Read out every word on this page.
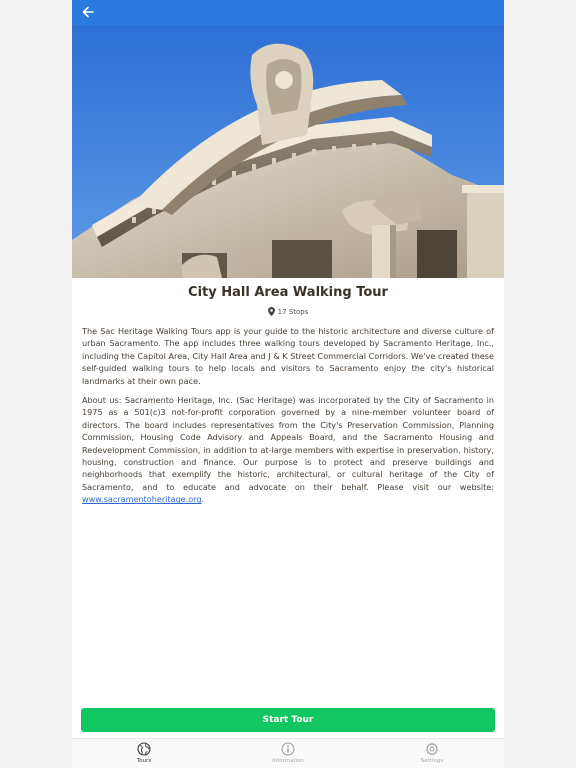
City Hall Area Walking Tour
17 Stops

The Sac Heritage Walking Tours app is your guide to the historic architecture and diverse culture of urban Sacramento. The app includes three walking tours developed by Sacramento Heritage, Inc., including the Capitol Area, City Hall Area and J & K Street Commercial Corridors. We've created these self-guided walking tours to help locals and visitors to Sacramento enjoy the city's historical landmarks at their own pace.

About us: Sacramento Heritage, Inc. (Sac Heritage) was incorporated by the City of Sacramento in 1975 as a 501(c)3 not-for-profit corporation governed by a nine-member volunteer board of directors. The board includes representatives from the City's Preservation Commission, Planning Commission, Housing Code Advisory and Appeals Board, and the Sacramento Housing and Redevelopment Commission, in addition to at-large members with expertise in preservation, history, housing, construction and finance. Our purpose is to protect and preserve buildings and neighborhoods that exemplify the historic, architectural, or cultural heritage of the City of Sacramento, and to educate and advocate on their behalf. Please visit our website: www.sacramentoheritage.org.

Start Tour
Tours	Information	Settings
